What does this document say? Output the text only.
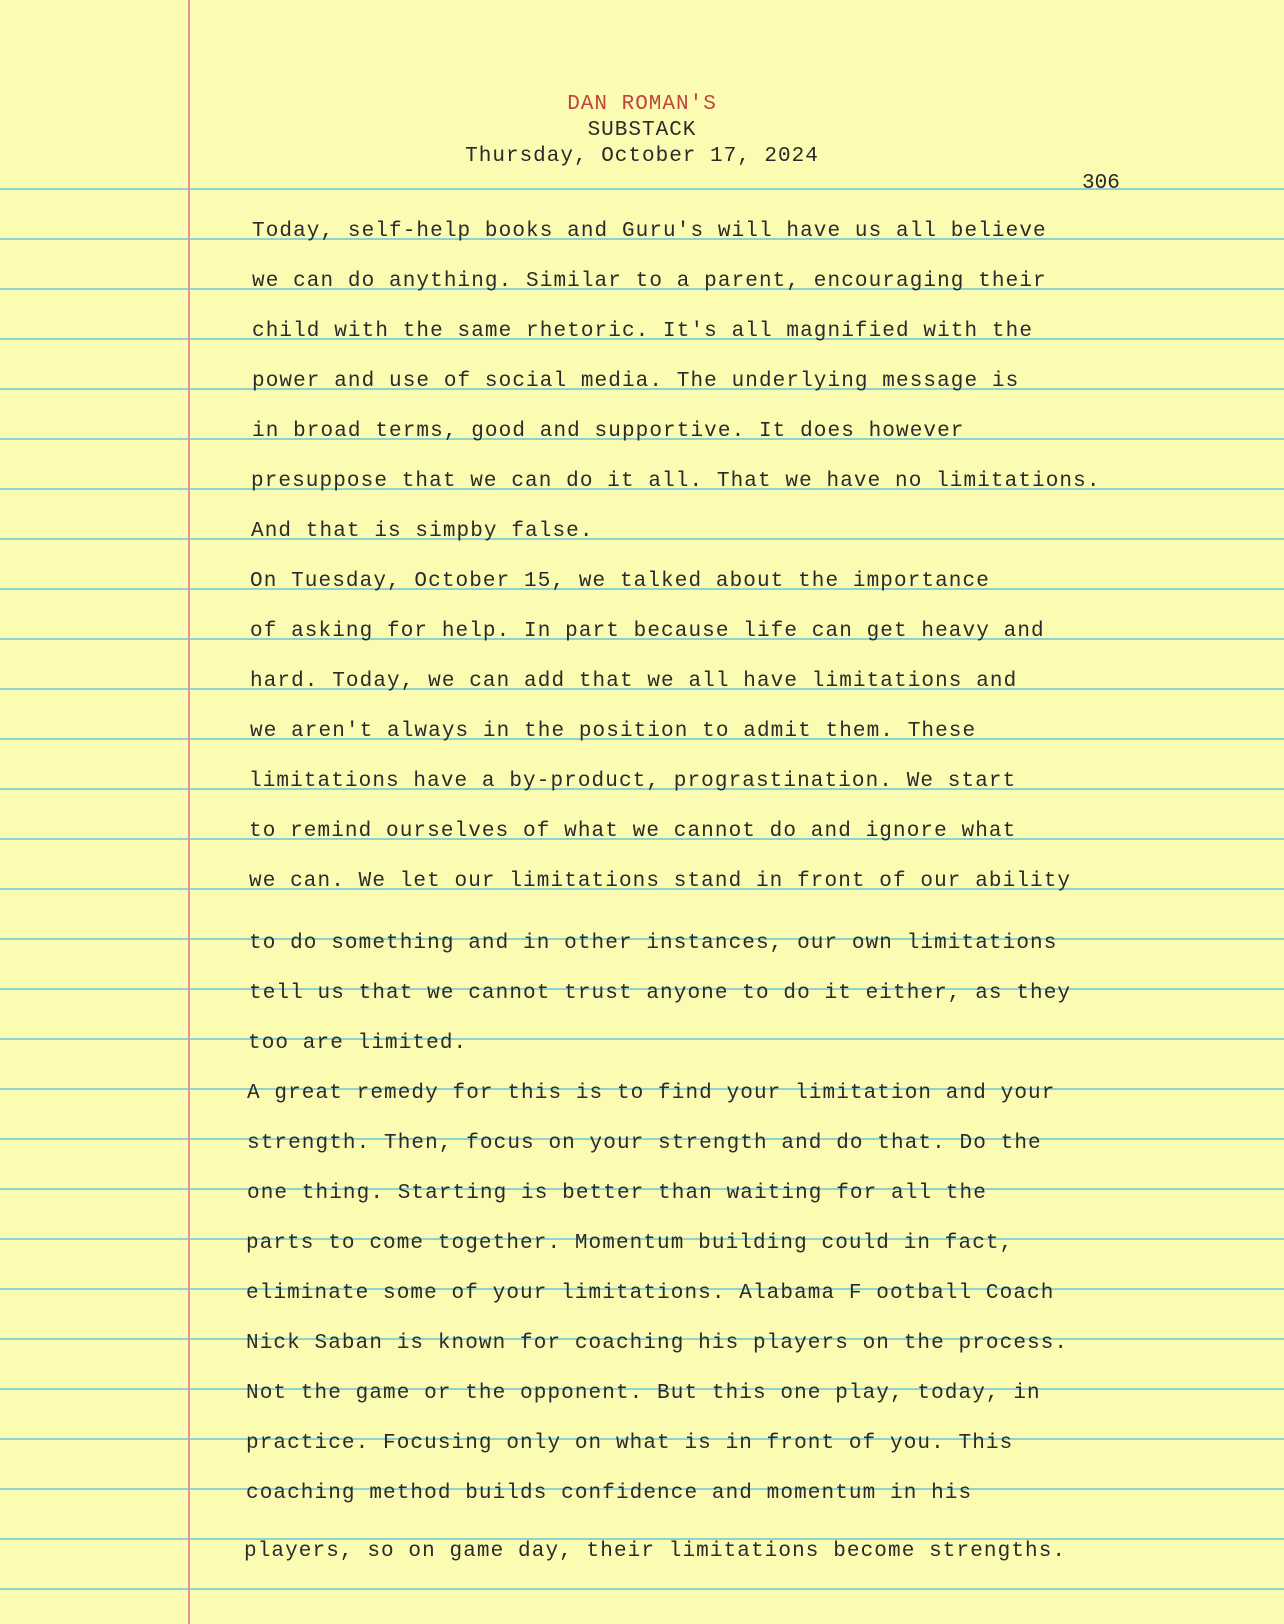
DAN ROMAN'S
SUBSTACK
Thursday, October 17, 2024
306
Today, self-help books and Guru's will have us all believe
we can do anything. Similar to a parent, encouraging their
child with the same rhetoric. It's all magnified with the
power and use of social media. The underlying message is
in broad terms, good and supportive. It does however
presuppose that we can do it all. That we have no limitations.
And that is simpby false.
On Tuesday, October 15, we talked about the importance
of asking for help. In part because life can get heavy and
hard. Today, we can add that we all have limitations and
we aren't always in the position to admit them. These
limitations have a by-product, prograstination. We start
to remind ourselves of what we cannot do and ignore what
we can. We let our limitations stand in front of our ability
to do something and in other instances, our own limitations
tell us that we cannot trust anyone to do it either, as they
too are limited.
A great remedy for this is to find your limitation and your
strength. Then, focus on your strength and do that. Do the
one thing. Starting is better than waiting for all the
parts to come together. Momentum building could in fact,
eliminate some of your limitations. Alabama F ootball Coach
Nick Saban is known for coaching his players on the process.
Not the game or the opponent. But this one play, today, in
practice. Focusing only on what is in front of you. This
coaching method builds confidence and momentum in his
players, so on game day, their limitations become strengths.
